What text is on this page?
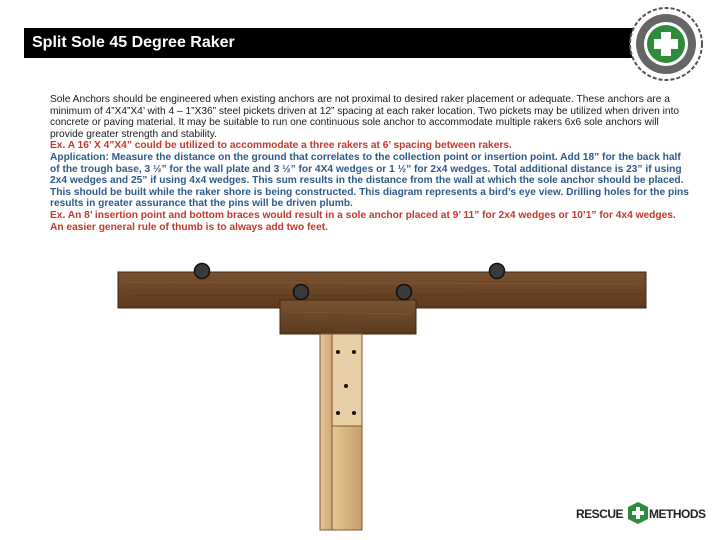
Split Sole 45 Degree Raker

Sole Anchors should be engineered when existing anchors are not proximal to desired raker placement or adequate. These anchors are a minimum of 4”X4”X4’ with 4 – 1”X36” steel pickets driven at 12” spacing at each raker location. Two pickets may be utilized when driven into concrete or paving material. It may be suitable to run one continuous sole anchor to accommodate multiple rakers 6x6 sole anchors will provide greater strength and stability.

Ex. A 16’ X 4”X4” could be utilized to accommodate a three rakers at 6’ spacing between rakers.

Application: Measure the distance on the ground that correlates to the collection point or insertion point. Add 18” for the back half of the trough base, 3 ½” for the wall plate and 3 ½” for 4X4 wedges or 1 ½” for 2x4 wedges. Total additional distance is 23” if using 2x4 wedges and 25” if using 4x4 wedges. This sum results in the distance from the wall at which the sole anchor should be placed. This should be built while the raker shore is being constructed. This diagram represents a bird’s eye view. Drilling holes for the pins results in greater assurance that the pins will be driven plumb.

Ex. An 8’ insertion point and bottom braces would result in a sole anchor placed at 9’ 11” for 2x4 wedges or 10’1” for 4x4 wedges. An easier general rule of thumb is to always add two feet.

RESCUE METHODS
